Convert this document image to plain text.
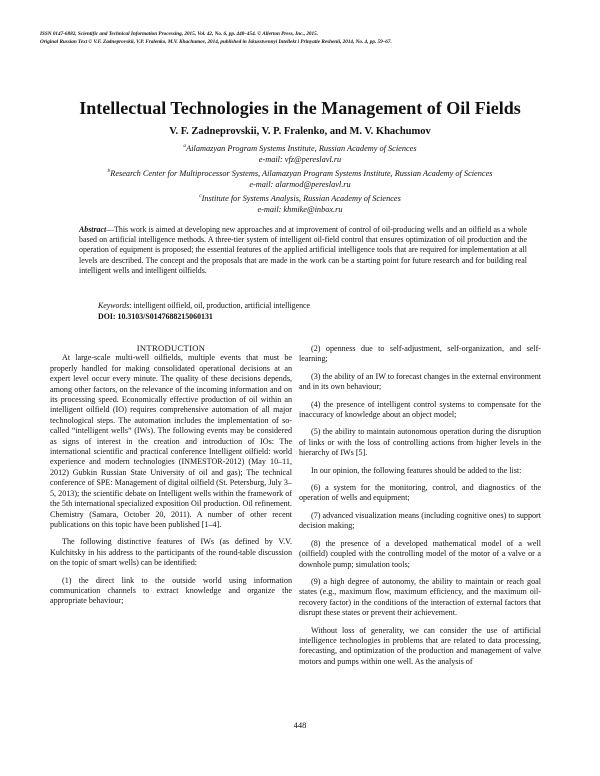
ISSN 0147-6882, Scientific and Technical Information Processing, 2015, Vol. 42, No. 6, pp. 448–454. © Allerton Press, Inc., 2015.
Original Russian Text © V.F. Zadneprovskii, V.P. Fralenko, M.V. Khachumov, 2014, published in Iskusstvennyi Intellekt i Prinyatie Reshenii, 2014, No. 4, pp. 59–67.
Intellectual Technologies in the Management of Oil Fields
V. F. Zadneprovskii, V. P. Fralenko, and M. V. Khachumov
$^a$Ailamazyan Program Systems Institute, Russian Academy of Sciences
e-mail: vfz@pereslavl.ru
$^b$Research Center for Multiprocessor Systems, Ailamazyan Program Systems Institute, Russian Academy of Sciences
e-mail: alarmod@pereslavl.ru
$^c$Institute for Systems Analysis, Russian Academy of Sciences
e-mail: khmike@inbox.ru
Abstract—This work is aimed at developing new approaches and at improvement of control of oil-producing wells and an oilfield as a whole based on artificial intelligence methods. A three-tier system of intelligent oil-field control that ensures optimization of oil production and the operation of equipment is proposed; the essential features of the applied artificial intelligence tools that are required for implementation at all levels are described. The concept and the proposals that are made in the work can be a starting point for future research and for building real intelligent wells and intelligent oilfields.
Keywords: intelligent oilfield, oil, production, artificial intelligence
DOI: 10.3103/S0147688215060131

INTRODUCTION

At large-scale multi-well oilfields, multiple events that must be properly handled for making consolidated operational decisions at an expert level occur every minute. The quality of these decisions depends, among other factors, on the relevance of the incoming information and on its processing speed. Economically effective production of oil within an intelligent oilfield (IO) requires comprehensive automation of all major technological steps. The automation includes the implementation of so-called “intelligent wells” (IWs). The following events may be considered as signs of interest in the creation and introduction of IOs: The international scientific and practical conference Intelligent oilfield: world experience and modern technologies (INMESTOR-2012) (May 10–11, 2012) Gubkin Russian State University of oil and gas); The technical conference of SPE: Management of digital oilfield (St. Petersburg, July 3–5, 2013); the scientific debate on Intelligent wells within the framework of the 5th international specialized exposition Oil production. Oil refinement. Chemistry (Samara, October 20, 2011). A number of other recent publications on this topic have been published [1–4].

The following distinctive features of IWs (as defined by V.V. Kulchitsky in his address to the participants of the round-table discussion on the topic of smart wells) can be identified:

(1) the direct link to the outside world using information communication channels to extract knowledge and organize the appropriate behaviour;

(2) openness due to self-adjustment, self-organization, and self-learning;

(3) the ability of an IW to forecast changes in the external environment and in its own behaviour;

(4) the presence of intelligent control systems to compensate for the inaccuracy of knowledge about an object model;

(5) the ability to maintain autonomous operation during the disruption of links or with the loss of controlling actions from higher levels in the hierarchy of IWs [5].

In our opinion, the following features should be added to the list:

(6) a system for the monitoring, control, and diagnostics of the operation of wells and equipment;

(7) advanced visualization means (including cognitive ones) to support decision making;

(8) the presence of a developed mathematical model of a well (oilfield) coupled with the controlling model of the motor of a valve or a downhole pump; simulation tools;

(9) a high degree of autonomy, the ability to maintain or reach goal states (e.g., maximum flow, maximum efficiency, and the maximum oil-recovery factor) in the conditions of the interaction of external factors that disrupt these states or prevent their achievement.

Without loss of generality, we can consider the use of artificial intelligence technologies in problems that are related to data processing, forecasting, and optimization of the production and management of valve motors and pumps within one well. As the analysis of

448
